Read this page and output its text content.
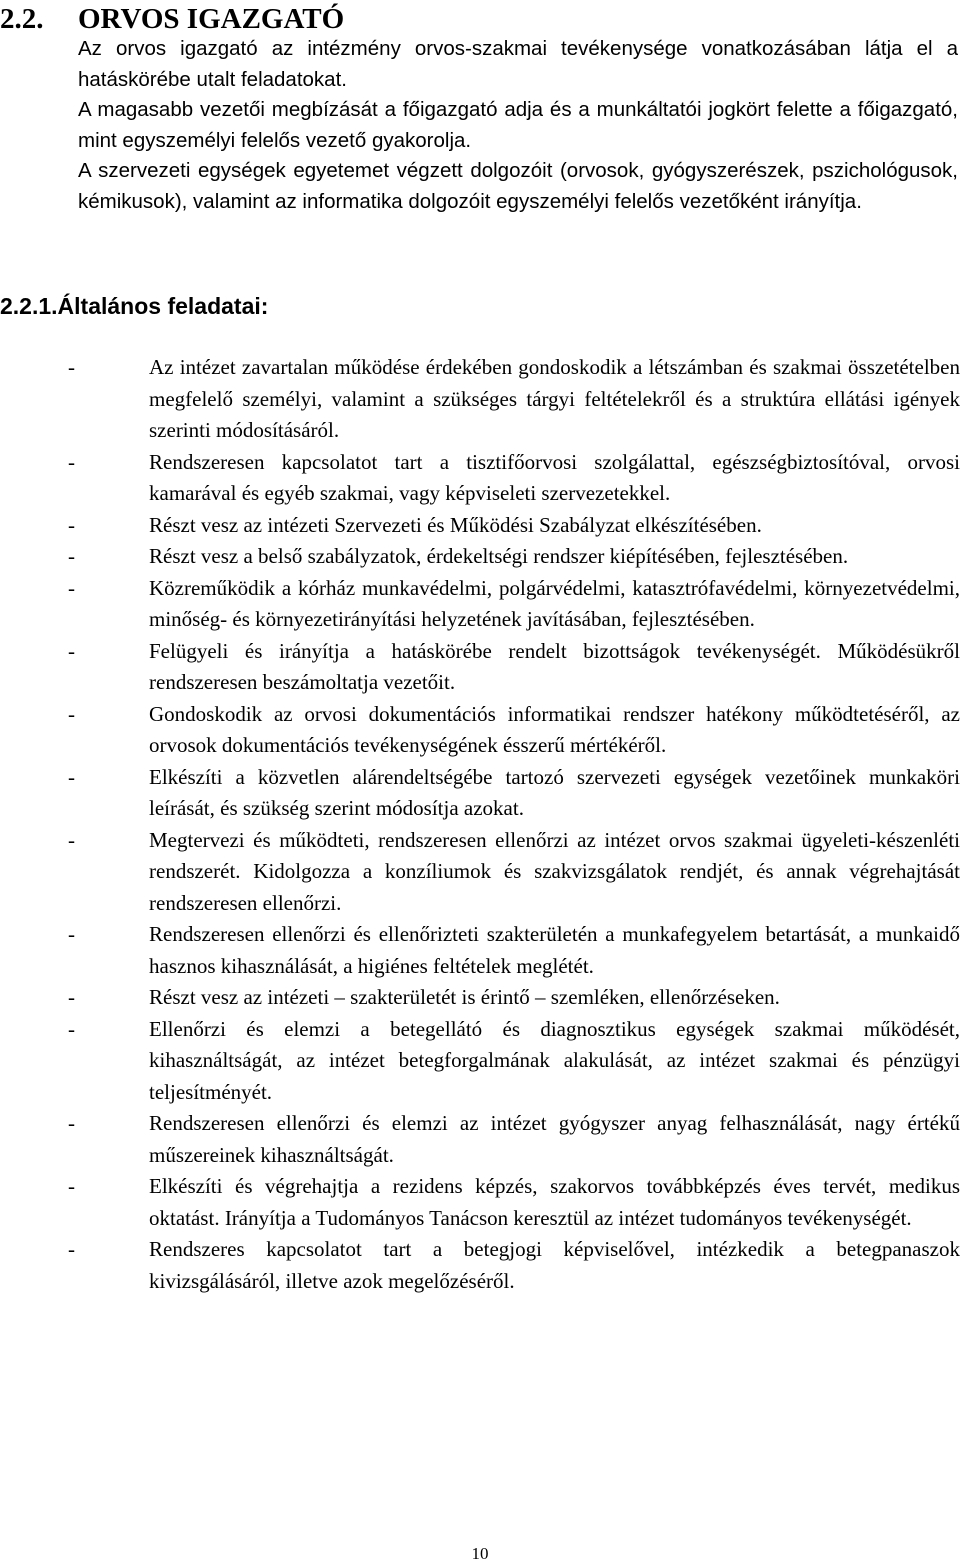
2.2. ORVOS IGAZGATÓ

Az orvos igazgató az intézmény orvos-szakmai tevékenysége vonatkozásában látja el a hatáskörébe utalt feladatokat.

A magasabb vezetői megbízását a főigazgató adja és a munkáltatói jogkört felette a főigazgató, mint egyszemélyi felelős vezető gyakorolja.

A szervezeti egységek egyetemet végzett dolgozóit (orvosok, gyógyszerészek, pszichológusok, kémikusok), valamint az informatika dolgozóit egyszemélyi felelős vezetőként irányítja.

2.2.1.Általános feladatai:
-	Az intézet zavartalan működése érdekében gondoskodik a létszámban és szakmai összetételben megfelelő személyi, valamint a szükséges tárgyi feltételekről és a struktúra ellátási igények szerinti módosításáról.
-	Rendszeresen kapcsolatot tart a tisztifőorvosi szolgálattal, egészségbiztosítóval, orvosi kamarával és egyéb szakmai, vagy képviseleti szervezetekkel.
-	Részt vesz az intézeti Szervezeti és Működési Szabályzat elkészítésében.
-	Részt vesz a belső szabályzatok, érdekeltségi rendszer kiépítésében, fejlesztésében.
-	Közreműködik a kórház munkavédelmi, polgárvédelmi, katasztrófavédelmi, környezetvédelmi, minőség- és környezetirányítási helyzetének javításában, fejlesztésében.
-	Felügyeli és irányítja a hatáskörébe rendelt bizottságok tevékenységét. Működésükről rendszeresen beszámoltatja vezetőit.
-	Gondoskodik az orvosi dokumentációs informatikai rendszer hatékony működtetéséről, az orvosok dokumentációs tevékenységének ésszerű mértékéről.
-	Elkészíti a közvetlen alárendeltségébe tartozó szervezeti egységek vezetőinek munkaköri leírását, és szükség szerint módosítja azokat.
-	Megtervezi és működteti, rendszeresen ellenőrzi az intézet orvos szakmai ügyeleti-készenléti rendszerét. Kidolgozza a konzíliumok és szakvizsgálatok rendjét, és annak végrehajtását rendszeresen ellenőrzi.
-	Rendszeresen ellenőrzi és ellenőrizteti szakterületén a munkafegyelem betartását, a munkaidő hasznos kihasználását, a higiénes feltételek meglétét.
-	Részt vesz az intézeti – szakterületét is érintő – szemléken, ellenőrzéseken.
-	Ellenőrzi és elemzi a betegellátó és diagnosztikus egységek szakmai működését, kihasználtságát, az intézet betegforgalmának alakulását, az intézet szakmai és pénzügyi teljesítményét.
-	Rendszeresen ellenőrzi és elemzi az intézet gyógyszer anyag felhasználását, nagy értékű műszereinek kihasználtságát.
-	Elkészíti és végrehajtja a rezidens képzés, szakorvos továbbképzés éves tervét, medikus oktatást. Irányítja a Tudományos Tanácson keresztül az intézet tudományos tevékenységét.
-	Rendszeres kapcsolatot tart a betegjogi képviselővel, intézkedik a betegpanaszok kivizsgálásáról, illetve azok megelőzéséről.
10
